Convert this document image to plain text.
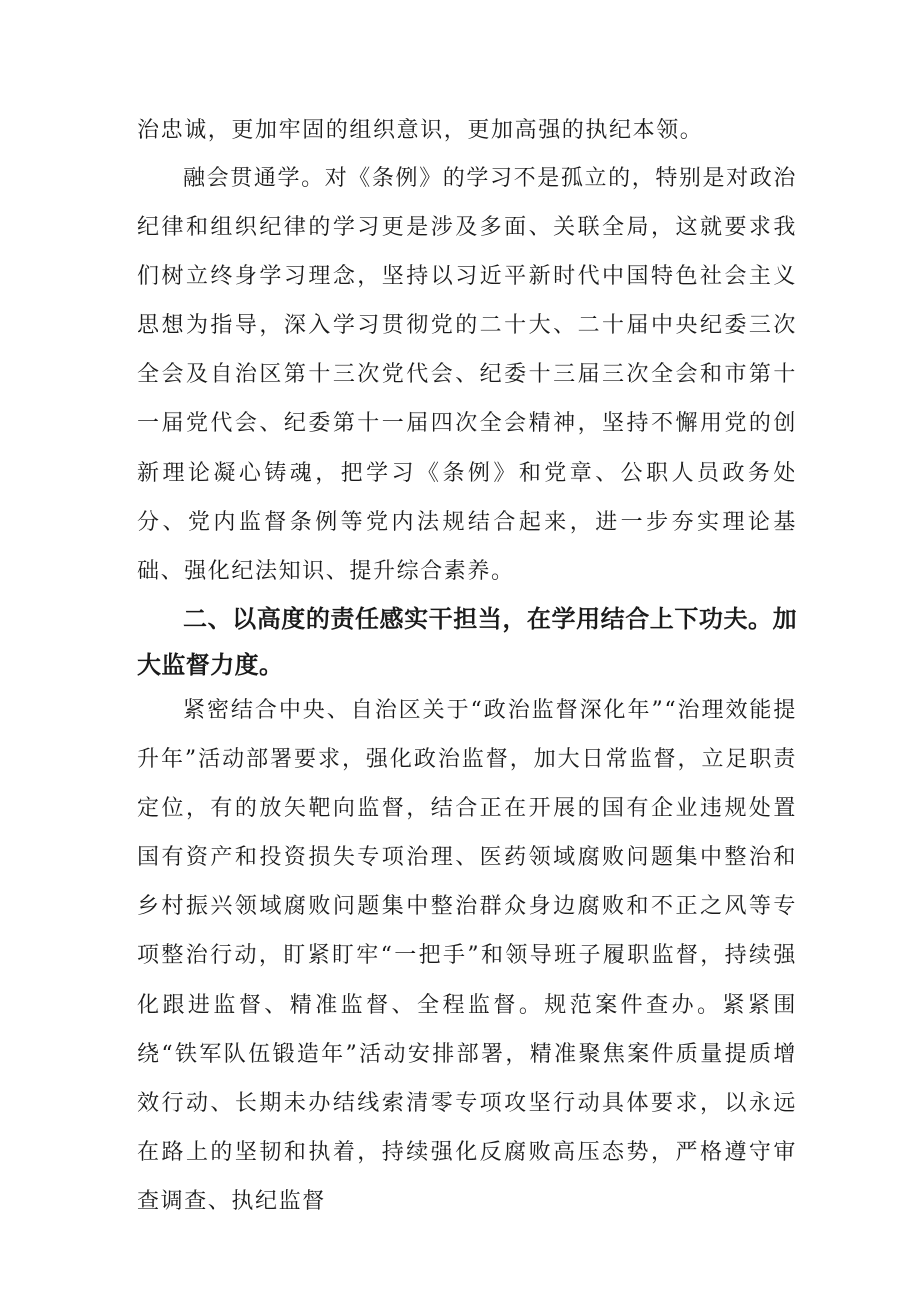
治忠诚，更加牢固的组织意识，更加高强的执纪本领。

融会贯通学。对《条例》的学习不是孤立的，特别是对政治纪律和组织纪律的学习更是涉及多面、关联全局，这就要求我们树立终身学习理念，坚持以习近平新时代中国特色社会主义思想为指导，深入学习贯彻党的二十大、二十届中央纪委三次全会及自治区第十三次党代会、纪委十三届三次全会和市第十一届党代会、纪委第十一届四次全会精神，坚持不懈用党的创新理论凝心铸魂，把学习《条例》和党章、公职人员政务处分、党内监督条例等党内法规结合起来，进一步夯实理论基础、强化纪法知识、提升综合素养。

二、以高度的责任感实干担当，在学用结合上下功夫。加大监督力度。

紧密结合中央、自治区关于“政治监督深化年”“治理效能提升年”活动部署要求，强化政治监督，加大日常监督，立足职责定位，有的放矢靶向监督，结合正在开展的国有企业违规处置国有资产和投资损失专项治理、医药领域腐败问题集中整治和乡村振兴领域腐败问题集中整治群众身边腐败和不正之风等专项整治行动，盯紧盯牢“一把手”和领导班子履职监督，持续强化跟进监督、精准监督、全程监督。规范案件查办。紧紧围绕“铁军队伍锻造年”活动安排部署，精准聚焦案件质量提质增效行动、长期未办结线索清零专项攻坚行动具体要求，以永远在路上的坚韧和执着，持续强化反腐败高压态势，严格遵守审查调查、执纪监督
